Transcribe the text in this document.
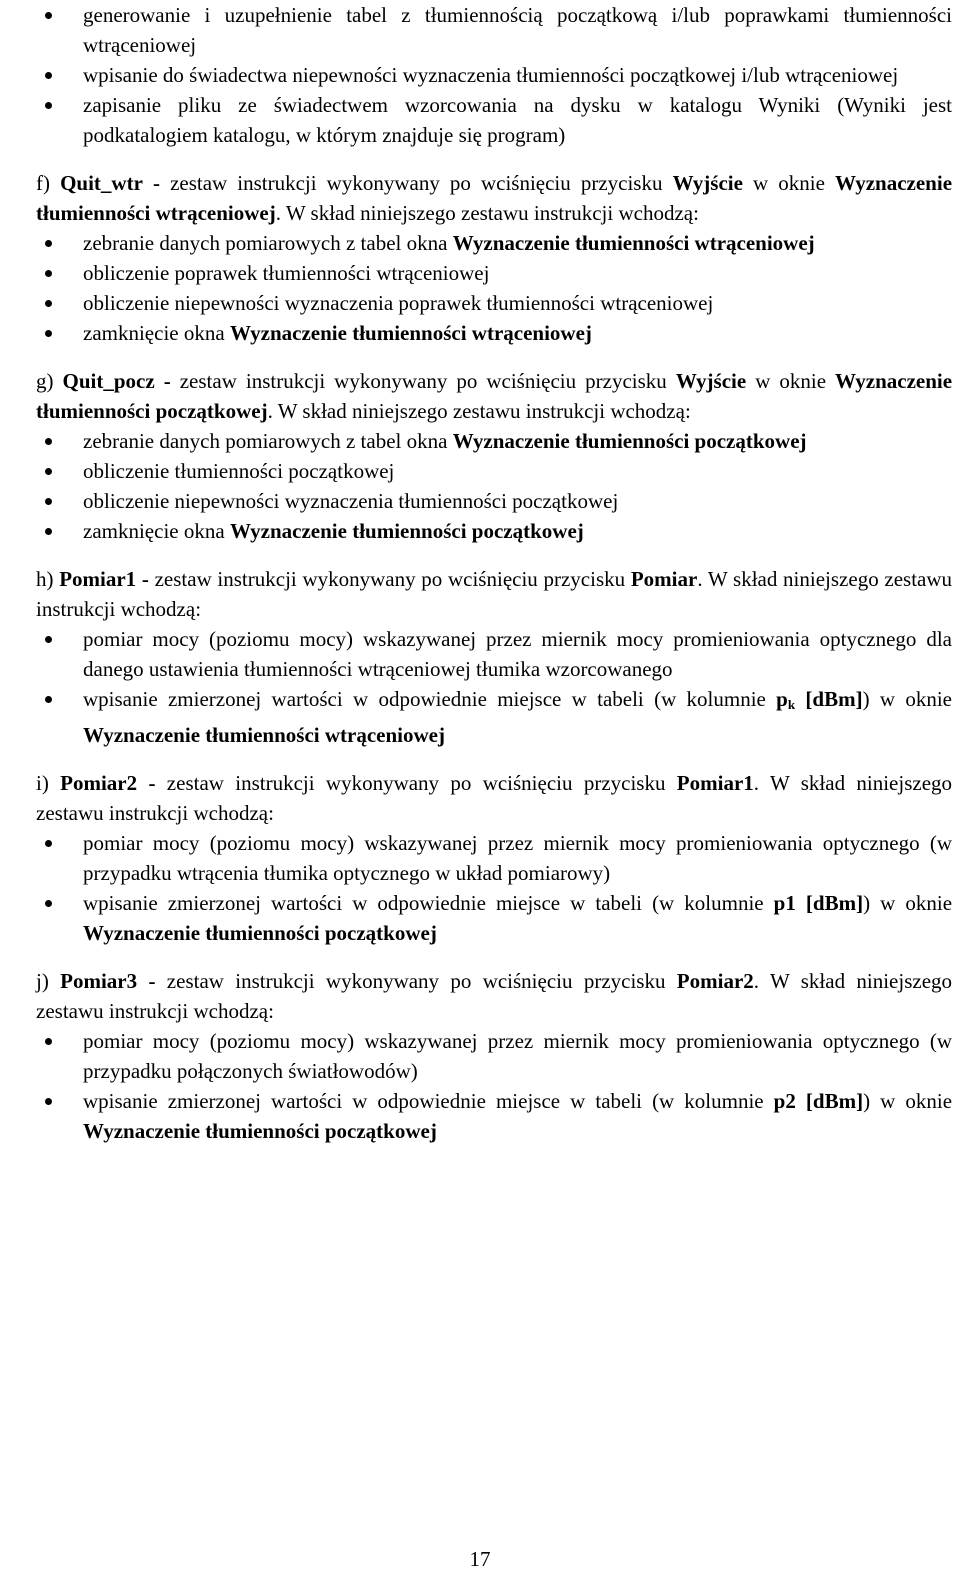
generowanie i uzupełnienie tabel z tłumiennością początkową i/lub poprawkami tłumienności wtrąceniowej
wpisanie do świadectwa niepewności wyznaczenia tłumienności początkowej i/lub wtrąceniowej
zapisanie pliku ze świadectwem wzorcowania na dysku w katalogu Wyniki (Wyniki jest podkatalogiem katalogu, w którym znajduje się program)

f) Quit_wtr - zestaw instrukcji wykonywany po wciśnięciu przycisku Wyjście w oknie Wyznaczenie tłumienności wtrąceniowej. W skład niniejszego zestawu instrukcji wchodzą:

zebranie danych pomiarowych z tabel okna Wyznaczenie tłumienności wtrąceniowej
obliczenie poprawek tłumienności wtrąceniowej
obliczenie niepewności wyznaczenia poprawek tłumienności wtrąceniowej
zamknięcie okna Wyznaczenie tłumienności wtrąceniowej

g) Quit_pocz - zestaw instrukcji wykonywany po wciśnięciu przycisku Wyjście w oknie Wyznaczenie tłumienności początkowej. W skład niniejszego zestawu instrukcji wchodzą:

zebranie danych pomiarowych z tabel okna Wyznaczenie tłumienności początkowej
obliczenie tłumienności początkowej
obliczenie niepewności wyznaczenia tłumienności początkowej
zamknięcie okna Wyznaczenie tłumienności początkowej

h) Pomiar1 - zestaw instrukcji wykonywany po wciśnięciu przycisku Pomiar. W skład niniejszego zestawu instrukcji wchodzą:

pomiar mocy (poziomu mocy) wskazywanej przez miernik mocy promieniowania optycznego dla danego ustawienia tłumienności wtrąceniowej tłumika wzorcowanego
wpisanie zmierzonej wartości w odpowiednie miejsce w tabeli (w kolumnie $p_k$ [dBm]) w oknie Wyznaczenie tłumienności wtrąceniowej

i) Pomiar2 - zestaw instrukcji wykonywany po wciśnięciu przycisku Pomiar1. W skład niniejszego zestawu instrukcji wchodzą:

pomiar mocy (poziomu mocy) wskazywanej przez miernik mocy promieniowania optycznego (w przypadku wtrącenia tłumika optycznego w układ pomiarowy)
wpisanie zmierzonej wartości w odpowiednie miejsce w tabeli (w kolumnie p1 [dBm]) w oknie Wyznaczenie tłumienności początkowej

j) Pomiar3 - zestaw instrukcji wykonywany po wciśnięciu przycisku Pomiar2. W skład niniejszego zestawu instrukcji wchodzą:

pomiar mocy (poziomu mocy) wskazywanej przez miernik mocy promieniowania optycznego (w przypadku połączonych światłowodów)
wpisanie zmierzonej wartości w odpowiednie miejsce w tabeli (w kolumnie p2 [dBm]) w oknie Wyznaczenie tłumienności początkowej
17
